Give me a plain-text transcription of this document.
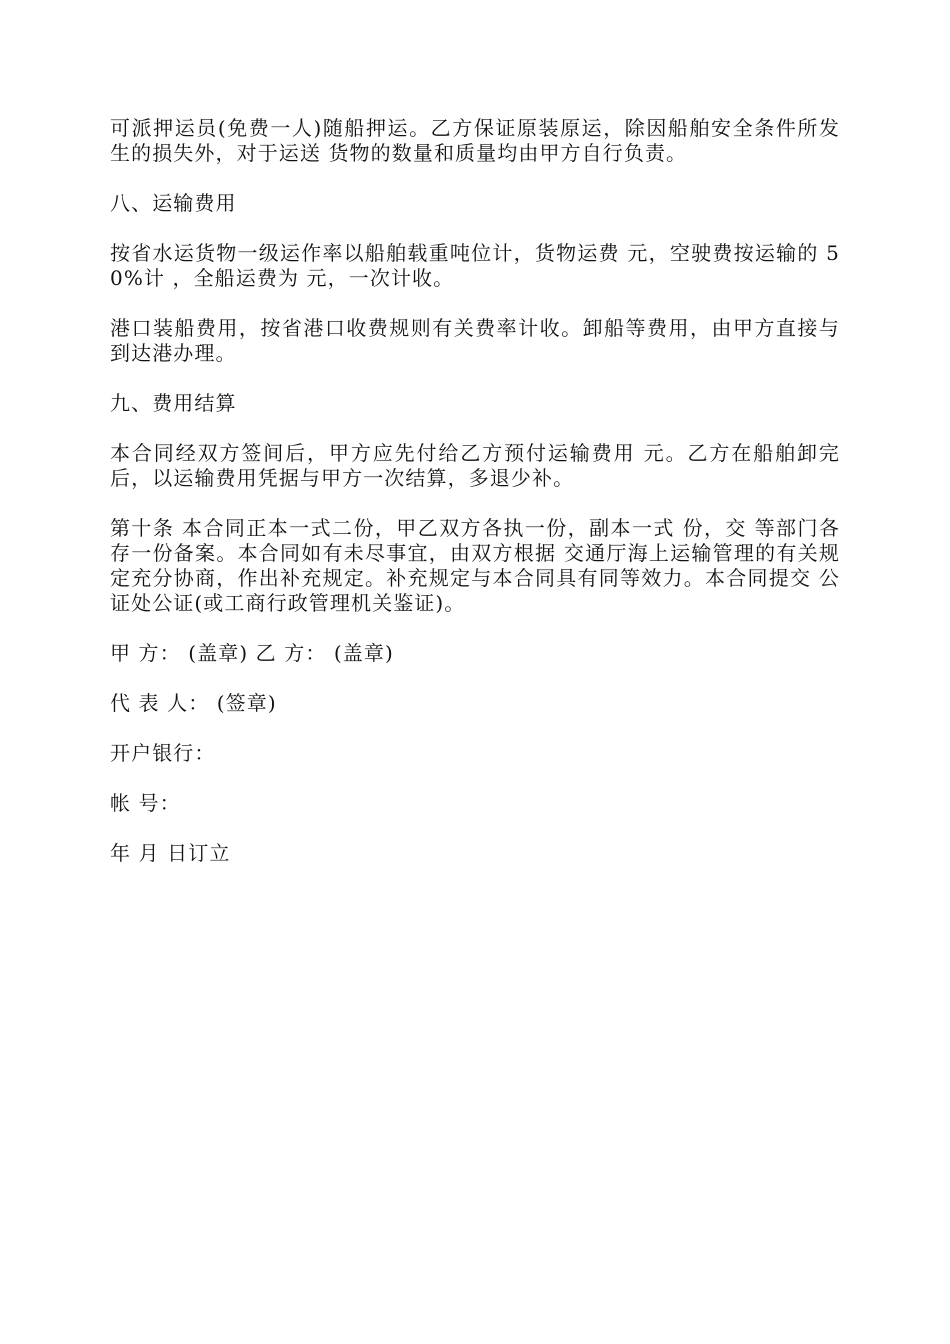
可派押运员(免费一人)随船押运。乙方保证原装原运，除因船舶安全条件所发生的损失外，对于运送 货物的数量和质量均由甲方自行负责。

八、运输费用

按省水运货物一级运作率以船舶载重吨位计，货物运费 元，空驶费按运输的 50%计 ，全船运费为 元，一次计收。

港口装船费用，按省港口收费规则有关费率计收。卸船等费用，由甲方直接与到达港办理。

九、费用结算

本合同经双方签间后，甲方应先付给乙方预付运输费用 元。乙方在船舶卸完后，以运输费用凭据与甲方一次结算，多退少补。

第十条 本合同正本一式二份，甲乙双方各执一份，副本一式 份，交 等部门各存一份备案。本合同如有未尽事宜，由双方根据 交通厅海上运输管理的有关规定充分协商，作出补充规定。补充规定与本合同具有同等效力。本合同提交 公证处公证(或工商行政管理机关鉴证)。

甲 方： (盖章) 乙 方： (盖章)

代 表 人： (签章)

开户银行：

帐 号：

年 月 日订立
